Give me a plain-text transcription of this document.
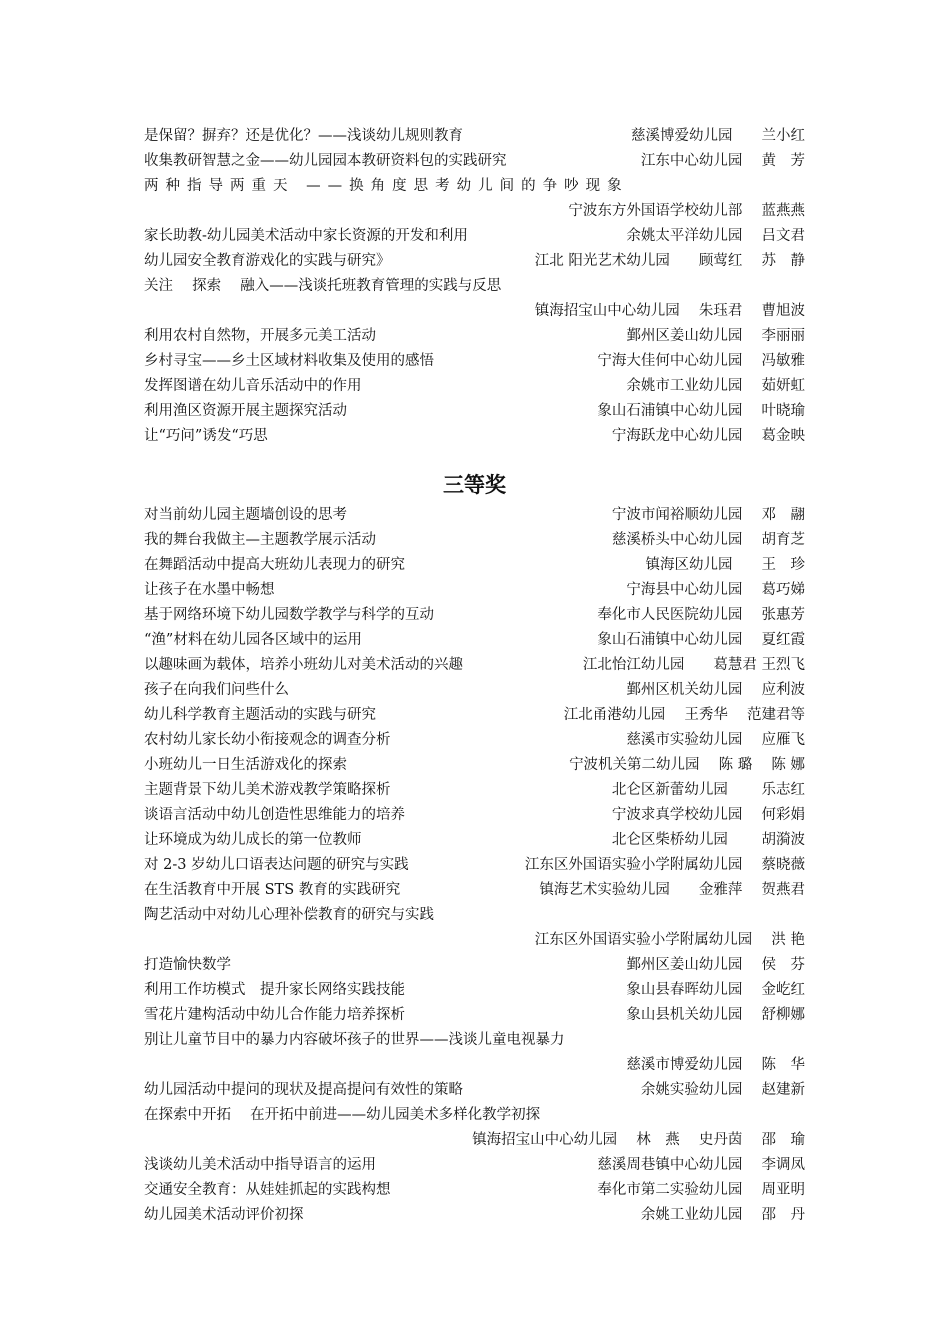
是保留？摒弃？还是优化？——浅谈幼儿规则教育	慈溪博爱幼儿园　　兰小红
收集教研智慧之金——幼儿园园本教研资料包的实践研究	江东中心幼儿园　 黄　芳
两种指导两重天 ——换角度思考幼儿间的争吵现象
宁波东方外国语学校幼儿部　 蓝燕燕
家长助教-幼儿园美术活动中家长资源的开发和利用	余姚太平洋幼儿园　 吕文君
幼儿园安全教育游戏化的实践与研究》	江北 阳光艺术幼儿园　　顾莺红　 苏　静
关注　 探索　 融入——浅谈托班教育管理的实践与反思
镇海招宝山中心幼儿园　 朱珏君　 曹旭波
利用农村自然物，开展多元美工活动	鄞州区姜山幼儿园　 李丽丽
乡村寻宝——乡土区域材料收集及使用的感悟	宁海大佳何中心幼儿园　 冯敏雅
发挥图谱在幼儿音乐活动中的作用	余姚市工业幼儿园　 茹妍虹
利用渔区资源开展主题探究活动	象山石浦镇中心幼儿园　 叶晓瑜
让“巧问”诱发“巧思	宁海跃龙中心幼儿园　 葛金映
三等奖
对当前幼儿园主题墙创设的思考	宁波市闻裕顺幼儿园　 邓　翮
我的舞台我做主—主题教学展示活动	慈溪桥头中心幼儿园　 胡育芝
在舞蹈活动中提高大班幼儿表现力的研究	镇海区幼儿园　　王　珍
让孩子在水墨中畅想	宁海县中心幼儿园　 葛巧娣
基于网络环境下幼儿园数学教学与科学的互动	奉化市人民医院幼儿园　 张惠芳
“渔”材料在幼儿园各区域中的运用	象山石浦镇中心幼儿园　 夏红霞
以趣味画为载体，培养小班幼儿对美术活动的兴趣	江北怡江幼儿园　　葛慧君 王烈飞
孩子在向我们问些什么	鄞州区机关幼儿园　 应利波
幼儿科学教育主题活动的实践与研究	江北甬港幼儿园　 王秀华　 范建君等
农村幼儿家长幼小衔接观念的调查分析	慈溪市实验幼儿园　 应雁飞
小班幼儿一日生活游戏化的探索	宁波机关第二幼儿园　 陈 璐　 陈 娜
主题背景下幼儿美术游戏教学策略探析	北仑区新蕾幼儿园　　 乐志红
谈语言活动中幼儿创造性思维能力的培养	宁波求真学校幼儿园　 何彩娟
让环境成为幼儿成长的第一位教师	北仑区柴桥幼儿园　　 胡漪波
对 2-3 岁幼儿口语表达问题的研究与实践	江东区外国语实验小学附属幼儿园　 蔡晓薇
在生活教育中开展 STS 教育的实践研究	镇海艺术实验幼儿园　　金雅萍　 贺燕君
陶艺活动中对幼儿心理补偿教育的研究与实践
江东区外国语实验小学附属幼儿园　 洪 艳
打造愉快数学	鄞州区姜山幼儿园　 侯　芬
利用工作坊模式　提升家长网络实践技能	象山县春晖幼儿园　 金屹红
雪花片建构活动中幼儿合作能力培养探析	象山县机关幼儿园　 舒柳娜
别让儿童节目中的暴力内容破坏孩子的世界——浅谈儿童电视暴力
慈溪市博爱幼儿园　 陈　华
幼儿园活动中提问的现状及提高提问有效性的策略	余姚实验幼儿园　 赵建新
在探索中开拓　 在开拓中前进——幼儿园美术多样化教学初探
镇海招宝山中心幼儿园　 林　燕　 史丹茵　 邵　瑜
浅谈幼儿美术活动中指导语言的运用	慈溪周巷镇中心幼儿园　 李调凤
交通安全教育：从娃娃抓起的实践构想	奉化市第二实验幼儿园　 周亚明
幼儿园美术活动评价初探	余姚工业幼儿园　 邵　丹
